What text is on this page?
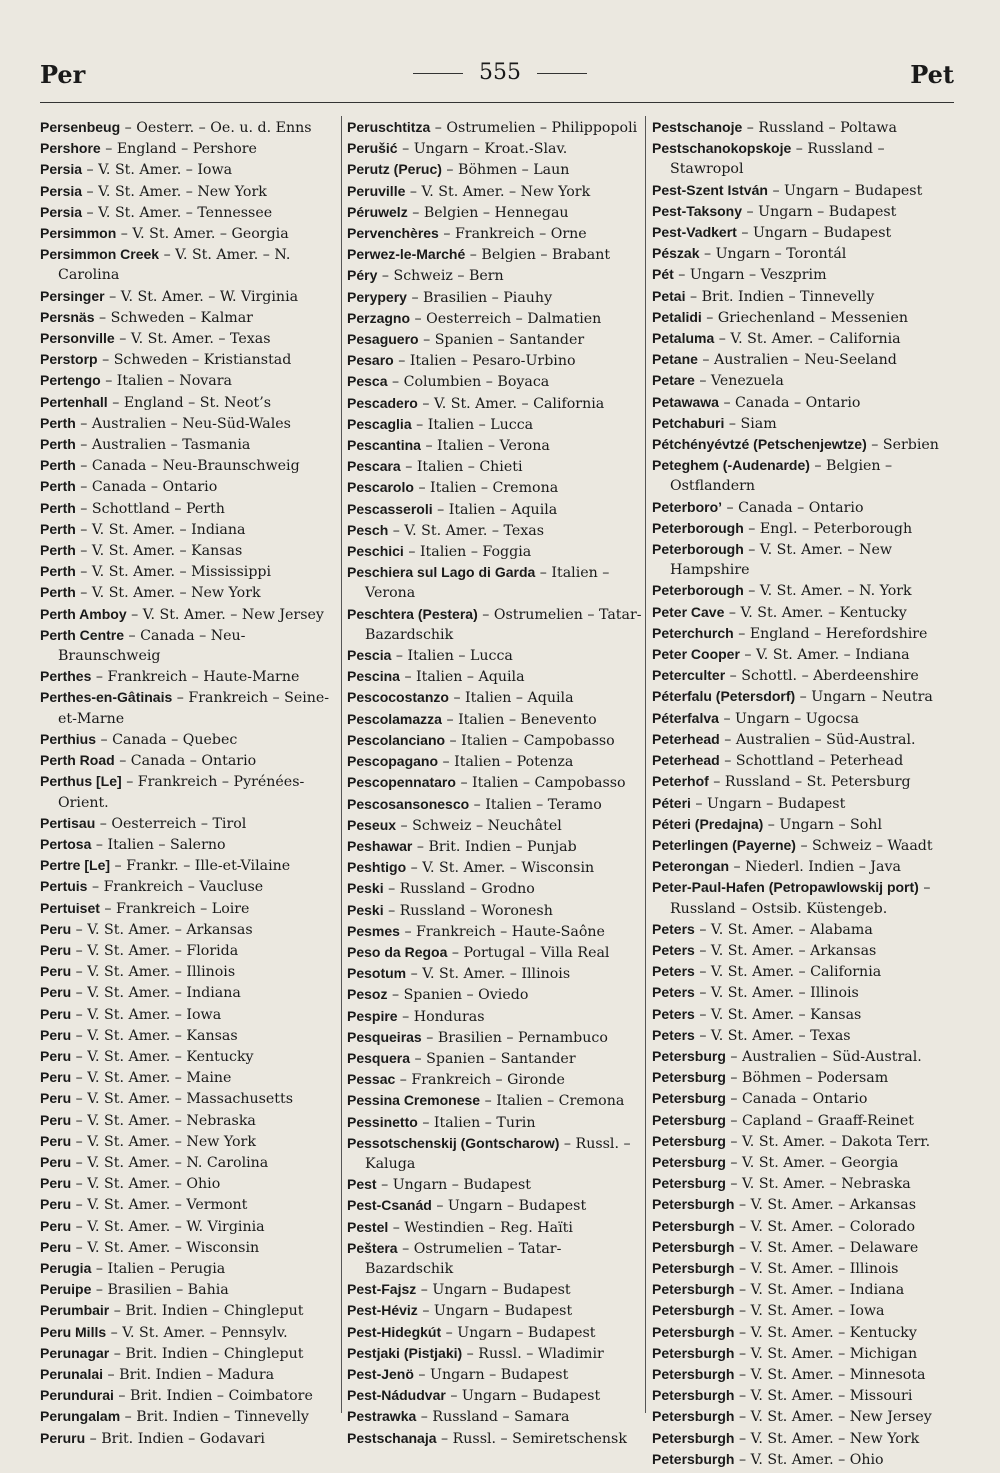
Per	555	Pet
Persenbeug – Oesterr. – Oe. u. d. Enns
Pershore – England – Pershore
Persia – V. St. Amer. – Iowa
Persia – V. St. Amer. – New York
Persia – V. St. Amer. – Tennessee
Persimmon – V. St. Amer. – Georgia
Persimmon Creek – V. St. Amer. – N. Carolina
Persinger – V. St. Amer. – W. Virginia
Persnäs – Schweden – Kalmar
Personville – V. St. Amer. – Texas
Perstorp – Schweden – Kristianstad
Pertengo – Italien – Novara
Pertenhall – England – St. Neot’s
Perth – Australien – Neu-Süd-Wales
Perth – Australien – Tasmania
Perth – Canada – Neu-Braunschweig
Perth – Canada – Ontario
Perth – Schottland – Perth
Perth – V. St. Amer. – Indiana
Perth – V. St. Amer. – Kansas
Perth – V. St. Amer. – Mississippi
Perth – V. St. Amer. – New York
Perth Amboy – V. St. Amer. – New Jersey
Perth Centre – Canada – Neu-Braunschweig
Perthes – Frankreich – Haute-Marne
Perthes-en-Gâtinais – Frankreich – Seine-et-Marne
Perthius – Canada – Quebec
Perth Road – Canada – Ontario
Perthus [Le] – Frankreich – Pyrénées-Orient.
Pertisau – Oesterreich – Tirol
Pertosa – Italien – Salerno
Pertre [Le] – Frankr. – Ille-et-Vilaine
Pertuis – Frankreich – Vaucluse
Pertuiset – Frankreich – Loire
Peru – V. St. Amer. – Arkansas
Peru – V. St. Amer. – Florida
Peru – V. St. Amer. – Illinois
Peru – V. St. Amer. – Indiana
Peru – V. St. Amer. – Iowa
Peru – V. St. Amer. – Kansas
Peru – V. St. Amer. – Kentucky
Peru – V. St. Amer. – Maine
Peru – V. St. Amer. – Massachusetts
Peru – V. St. Amer. – Nebraska
Peru – V. St. Amer. – New York
Peru – V. St. Amer. – N. Carolina
Peru – V. St. Amer. – Ohio
Peru – V. St. Amer. – Vermont
Peru – V. St. Amer. – W. Virginia
Peru – V. St. Amer. – Wisconsin
Perugia – Italien – Perugia
Peruipe – Brasilien – Bahia
Perumbair – Brit. Indien – Chingleput
Peru Mills – V. St. Amer. – Pennsylv.
Perunagar – Brit. Indien – Chingleput
Perunalai – Brit. Indien – Madura
Perundurai – Brit. Indien – Coimbatore
Perungalam – Brit. Indien – Tinnevelly
Peruru – Brit. Indien – Godavari
Peruschtitza – Ostrumelien – Philippopoli
Perušić – Ungarn – Kroat.-Slav.
Perutz (Peruc) – Böhmen – Laun
Peruville – V. St. Amer. – New York
Péruwelz – Belgien – Hennegau
Pervenchères – Frankreich – Orne
Perwez-le-Marché – Belgien – Brabant
Péry – Schweiz – Bern
Perypery – Brasilien – Piauhy
Perzagno – Oesterreich – Dalmatien
Pesaguero – Spanien – Santander
Pesaro – Italien – Pesaro-Urbino
Pesca – Columbien – Boyaca
Pescadero – V. St. Amer. – California
Pescaglia – Italien – Lucca
Pescantina – Italien – Verona
Pescara – Italien – Chieti
Pescarolo – Italien – Cremona
Pescasseroli – Italien – Aquila
Pesch – V. St. Amer. – Texas
Peschici – Italien – Foggia
Peschiera sul Lago di Garda – Italien – Verona
Peschtera (Pestera) – Ostrumelien – Tatar-Bazardschik
Pescia – Italien – Lucca
Pescina – Italien – Aquila
Pescocostanzo – Italien – Aquila
Pescolamazza – Italien – Benevento
Pescolanciano – Italien – Campobasso
Pescopagano – Italien – Potenza
Pescopennataro – Italien – Campobasso
Pescosansonesco – Italien – Teramo
Peseux – Schweiz – Neuchâtel
Peshawar – Brit. Indien – Punjab
Peshtigo – V. St. Amer. – Wisconsin
Peski – Russland – Grodno
Peski – Russland – Woronesh
Pesmes – Frankreich – Haute-Saône
Peso da Regoa – Portugal – Villa Real
Pesotum – V. St. Amer. – Illinois
Pesoz – Spanien – Oviedo
Pespire – Honduras
Pesqueiras – Brasilien – Pernambuco
Pesquera – Spanien – Santander
Pessac – Frankreich – Gironde
Pessina Cremonese – Italien – Cremona
Pessinetto – Italien – Turin
Pessotschenskij (Gontscharow) – Russl. – Kaluga
Pest – Ungarn – Budapest
Pest-Csanád – Ungarn – Budapest
Pestel – Westindien – Reg. Haïti
Peštera – Ostrumelien – Tatar-Bazardschik
Pest-Fajsz – Ungarn – Budapest
Pest-Héviz – Ungarn – Budapest
Pest-Hidegkút – Ungarn – Budapest
Pestjaki (Pistjaki) – Russl. – Wladimir
Pest-Jenö – Ungarn – Budapest
Pest-Nádudvar – Ungarn – Budapest
Pestrawka – Russland – Samara
Pestschanaja – Russl. – Semiretschensk
Pestschanoje – Russland – Poltawa
Pestschanokopskoje – Russland – Stawropol
Pest-Szent István – Ungarn – Budapest
Pest-Taksony – Ungarn – Budapest
Pest-Vadkert – Ungarn – Budapest
Pészak – Ungarn – Torontál
Pét – Ungarn – Veszprim
Petai – Brit. Indien – Tinnevelly
Petalidi – Griechenland – Messenien
Petaluma – V. St. Amer. – California
Petane – Australien – Neu-Seeland
Petare – Venezuela
Petawawa – Canada – Ontario
Petchaburi – Siam
Pétchényévtzé (Petschenjewtze) – Serbien
Peteghem (-Audenarde) – Belgien – Ostflandern
Peterboro’ – Canada – Ontario
Peterborough – Engl. – Peterborough
Peterborough – V. St. Amer. – New Hampshire
Peterborough – V. St. Amer. – N. York
Peter Cave – V. St. Amer. – Kentucky
Peterchurch – England – Herefordshire
Peter Cooper – V. St. Amer. – Indiana
Peterculter – Schottl. – Aberdeenshire
Péterfalu (Petersdorf) – Ungarn – Neutra
Péterfalva – Ungarn – Ugocsa
Peterhead – Australien – Süd-Austral.
Peterhead – Schottland – Peterhead
Peterhof – Russland – St. Petersburg
Péteri – Ungarn – Budapest
Péteri (Predajna) – Ungarn – Sohl
Peterlingen (Payerne) – Schweiz – Waadt
Peterongan – Niederl. Indien – Java
Peter-Paul-Hafen (Petropawlowskij port) – Russland – Ostsib. Küstengeb.
Peters – V. St. Amer. – Alabama
Peters – V. St. Amer. – Arkansas
Peters – V. St. Amer. – California
Peters – V. St. Amer. – Illinois
Peters – V. St. Amer. – Kansas
Peters – V. St. Amer. – Texas
Petersburg – Australien – Süd-Austral.
Petersburg – Böhmen – Podersam
Petersburg – Canada – Ontario
Petersburg – Capland – Graaff-Reinet
Petersburg – V. St. Amer. – Dakota Terr.
Petersburg – V. St. Amer. – Georgia
Petersburg – V. St. Amer. – Nebraska
Petersburgh – V. St. Amer. – Arkansas
Petersburgh – V. St. Amer. – Colorado
Petersburgh – V. St. Amer. – Delaware
Petersburgh – V. St. Amer. – Illinois
Petersburgh – V. St. Amer. – Indiana
Petersburgh – V. St. Amer. – Iowa
Petersburgh – V. St. Amer. – Kentucky
Petersburgh – V. St. Amer. – Michigan
Petersburgh – V. St. Amer. – Minnesota
Petersburgh – V. St. Amer. – Missouri
Petersburgh – V. St. Amer. – New Jersey
Petersburgh – V. St. Amer. – New York
Petersburgh – V. St. Amer. – Ohio
